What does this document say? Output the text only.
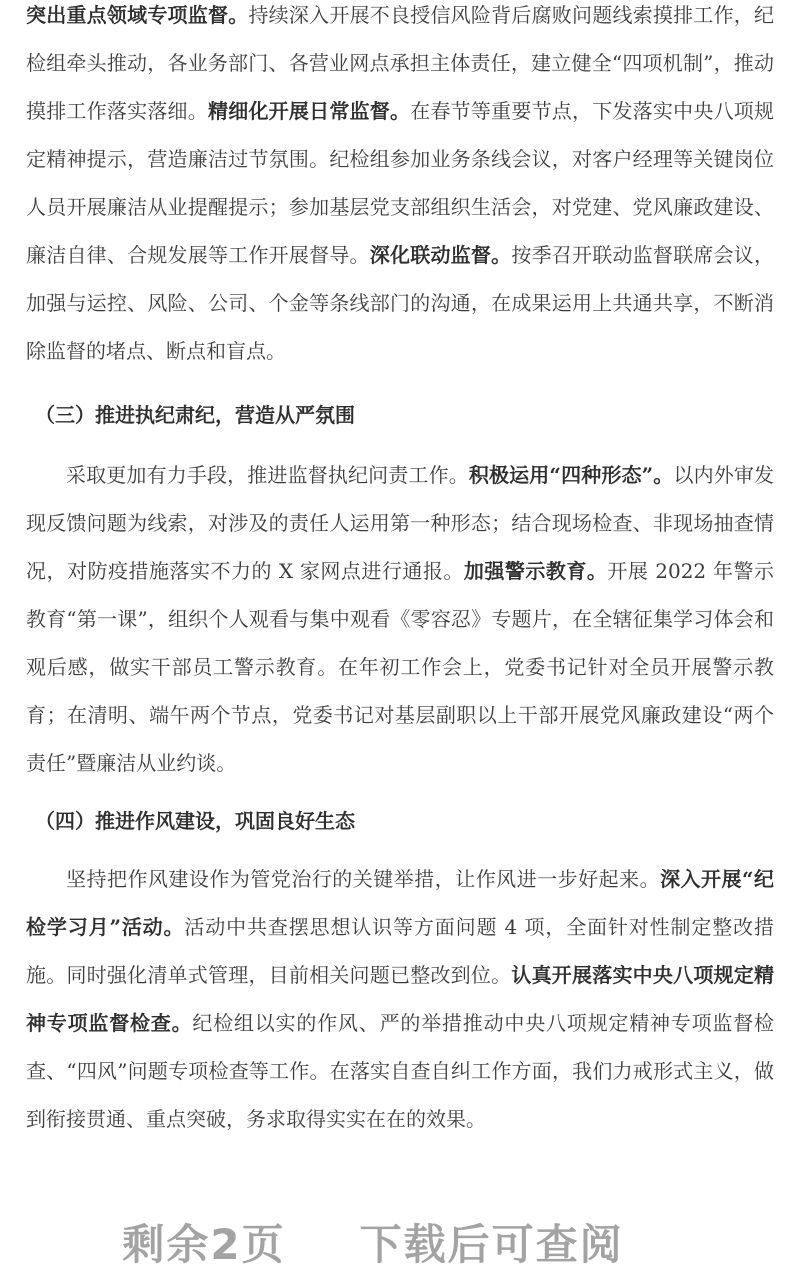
突出重点领域专项监督。持续深入开展不良授信风险背后腐败问题线索摸排工作，纪检组牵头推动，各业务部门、各营业网点承担主体责任，建立健全“四项机制”，推动摸排工作落实落细。精细化开展日常监督。在春节等重要节点，下发落实中央八项规定精神提示，营造廉洁过节氛围。纪检组参加业务条线会议，对客户经理等关键岗位人员开展廉洁从业提醒提示；参加基层党支部组织生活会，对党建、党风廉政建设、廉洁自律、合规发展等工作开展督导。深化联动监督。按季召开联动监督联席会议，加强与运控、风险、公司、个金等条线部门的沟通，在成果运用上共通共享，不断消除监督的堵点、断点和盲点。

（三）推进执纪肃纪，营造从严氛围

采取更加有力手段，推进监督执纪问责工作。积极运用“四种形态”。以内外审发现反馈问题为线索，对涉及的责任人运用第一种形态；结合现场检查、非现场抽查情况，对防疫措施落实不力的 X 家网点进行通报。加强警示教育。开展 2022 年警示教育“第一课”，组织个人观看与集中观看《零容忍》专题片，在全辖征集学习体会和观后感，做实干部员工警示教育。在年初工作会上，党委书记针对全员开展警示教育；在清明、端午两个节点，党委书记对基层副职以上干部开展党风廉政建设“两个责任”暨廉洁从业约谈。

（四）推进作风建设，巩固良好生态

坚持把作风建设作为管党治行的关键举措，让作风进一步好起来。深入开展“纪检学习月”活动。活动中共查摆思想认识等方面问题 4 项，全面针对性制定整改措施。同时强化清单式管理，目前相关问题已整改到位。认真开展落实中央八项规定精神专项监督检查。纪检组以实的作风、严的举措推动中央八项规定精神专项监督检查、“四风”问题专项检查等工作。在落实自查自纠工作方面，我们力戒形式主义，做到衔接贯通、重点突破，务求取得实实在在的效果。

剩余2页 下载后可查阅
